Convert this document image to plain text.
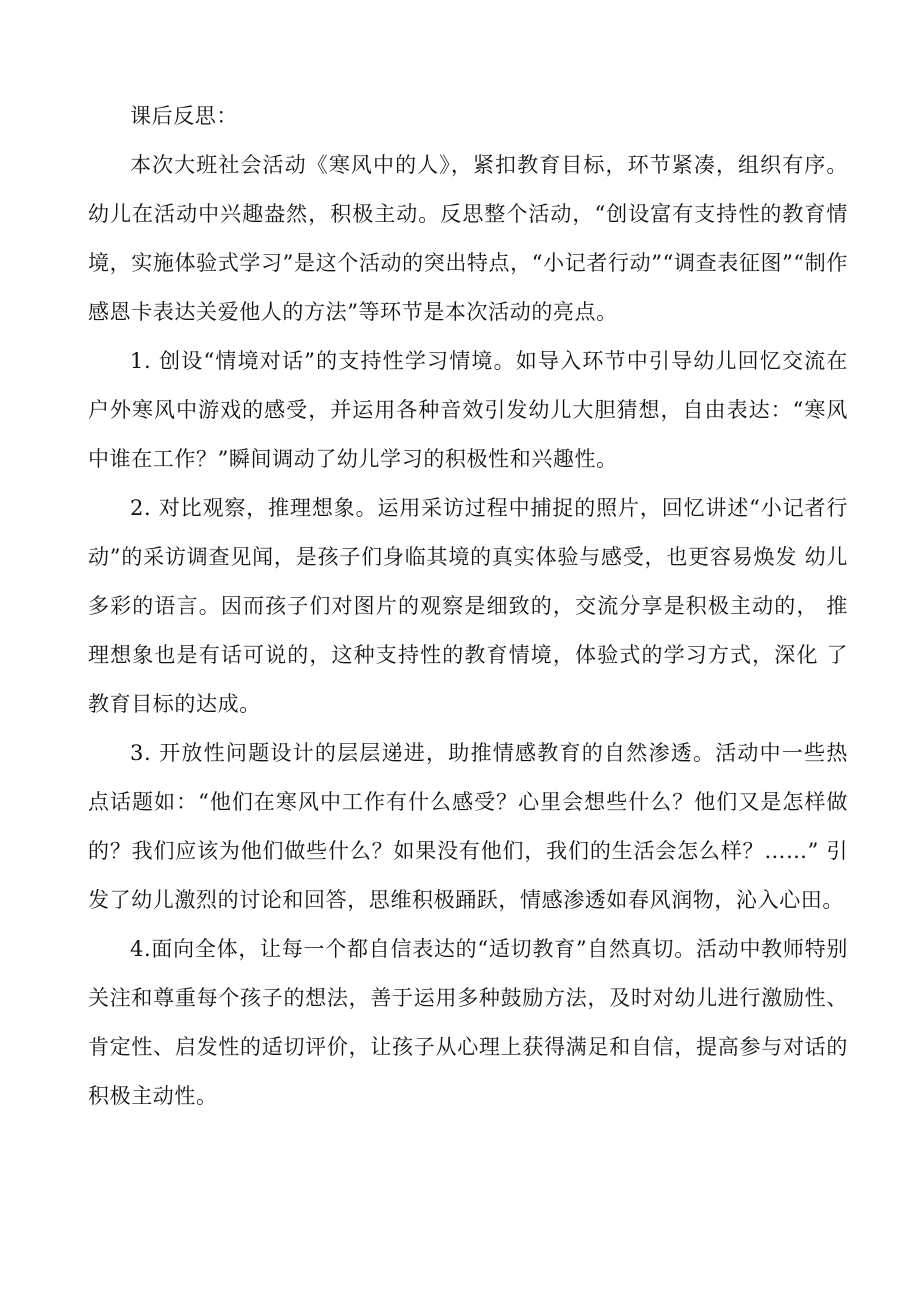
课后反思：

本次大班社会活动《寒风中的人》，紧扣教育目标，环节紧凑，组织有序。幼儿在活动中兴趣盎然，积极主动。反思整个活动，“创设富有支持性的教育情境，实施体验式学习”是这个活动的突出特点，“小记者行动”“调查表征图”“制作感恩卡表达关爱他人的方法”等环节是本次活动的亮点。

1. 创设“情境对话”的支持性学习情境。如导入环节中引导幼儿回忆交流在户外寒风中游戏的感受，并运用各种音效引发幼儿大胆猜想，自由表达：“寒风中谁在工作？”瞬间调动了幼儿学习的积极性和兴趣性。

2. 对比观察，推理想象。运用采访过程中捕捉的照片，回忆讲述“小记者行动”的采访调查见闻，是孩子们身临其境的真实体验与感受，也更容易焕发 幼儿多彩的语言。因而孩子们对图片的观察是细致的，交流分享是积极主动的， 推理想象也是有话可说的，这种支持性的教育情境，体验式的学习方式，深化 了教育目标的达成。

3. 开放性问题设计的层层递进，助推情感教育的自然渗透。活动中一些热点话题如：“他们在寒风中工作有什么感受？心里会想些什么？他们又是怎样做的？我们应该为他们做些什么？如果没有他们，我们的生活会怎么样？……” 引发了幼儿激烈的讨论和回答，思维积极踊跃，情感渗透如春风润物，沁入心田。

4.面向全体，让每一个都自信表达的“适切教育”自然真切。活动中教师特别关注和尊重每个孩子的想法，善于运用多种鼓励方法，及时对幼儿进行激励性、肯定性、启发性的适切评价，让孩子从心理上获得满足和自信，提高参与对话的积极主动性。
